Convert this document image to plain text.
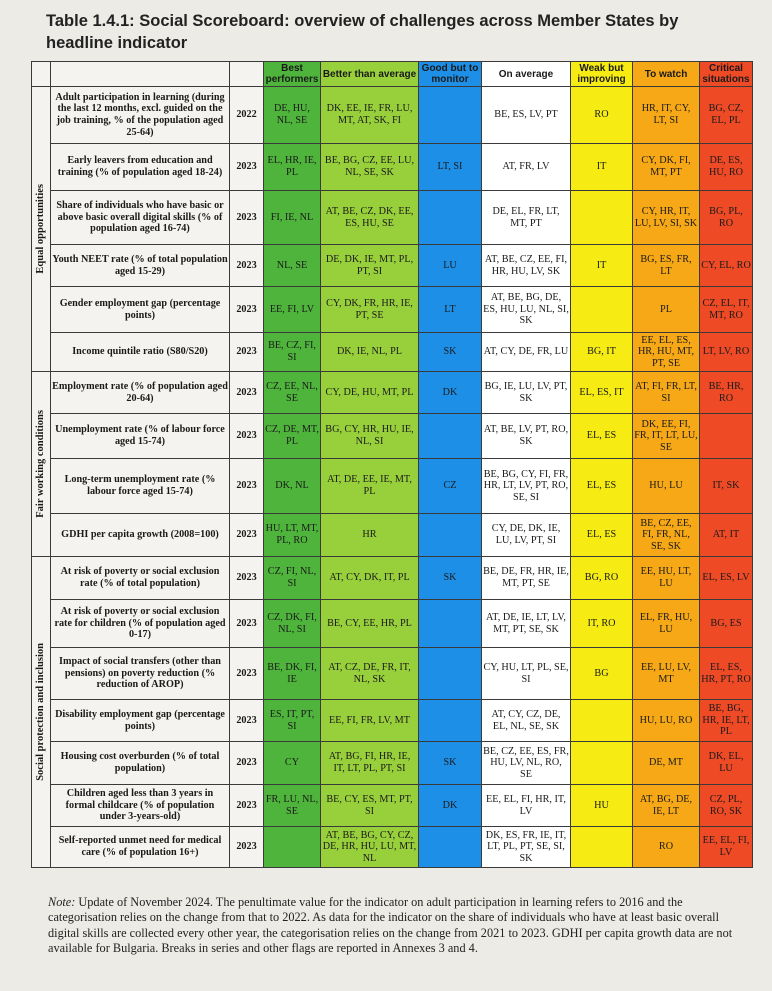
Table 1.4.1: Social Scoreboard: overview of challenges across Member States by headline indicator
			Best performers	Better than average	Good but to monitor	On average	Weak but improving	To watch	Critical situations

Equal opportunities	Adult participation in learning (during the last 12 months, excl. guided on the job training, % of the population aged 25-64)	2022	DE, HU, NL, SE	DK, EE, IE, FR, LU, MT, AT, SK, FI		BE, ES, LV, PT	RO	HR, IT, CY, LT, SI	BG, CZ, EL, PL
	Early leavers from education and training (% of population aged 18-24)	2023	EL, HR, IE, PL	BE, BG, CZ, EE, LU, NL, SE, SK	LT, SI	AT, FR, LV	IT	CY, DK, FI, MT, PT	DE, ES, HU, RO
	Share of individuals who have basic or above basic overall digital skills (% of population aged 16-74)	2023	FI, IE, NL	AT, BE, CZ, DK, EE, ES, HU, SE		DE, EL, FR, LT, MT, PT		CY, HR, IT, LU, LV, SI, SK	BG, PL, RO
	Youth NEET rate (% of total population aged 15-29)	2023	NL, SE	DE, DK, IE, MT, PL, PT, SI	LU	AT, BE, CZ, EE, FI, HR, HU, LV, SK	IT	BG, ES, FR, LT	CY, EL, RO
	Gender employment gap (percentage points)	2023	EE, FI, LV	CY, DK, FR, HR, IE, PT, SE	LT	AT, BE, BG, DE, ES, HU, LU, NL, SI, SK		PL	CZ, EL, IT, MT, RO
	Income quintile ratio (S80/S20)	2023	BE, CZ, FI, SI	DK, IE, NL, PL	SK	AT, CY, DE, FR, LU	BG, IT	EE, EL, ES, HR, HU, MT, PT, SE	LT, LV, RO

Fair working conditions	Employment rate (% of population aged 20-64)	2023	CZ, EE, NL, SE	CY, DE, HU, MT, PL	DK	BG, IE, LU, LV, PT, SK	EL, ES, IT	AT, FI, FR, LT, SI	BE, HR, RO
	Unemployment rate (% of labour force aged 15-74)	2023	CZ, DE, MT, PL	BG, CY, HR, HU, IE, NL, SI		AT, BE, LV, PT, RO, SK	EL, ES	DK, EE, FI, FR, IT, LT, LU, SE	
	Long-term unemployment rate (% labour force aged 15-74)	2023	DK, NL	AT, DE, EE, IE, MT, PL	CZ	BE, BG, CY, FI, FR, HR, LT, LV, PT, RO, SE, SI	EL, ES	HU, LU	IT, SK
	GDHI per capita growth (2008=100)	2023	HU, LT, MT, PL, RO	HR		CY, DE, DK, IE, LU, LV, PT, SI	EL, ES	BE, CZ, EE, FI, FR, NL, SE, SK	AT, IT

Social protection and inclusion	At risk of poverty or social exclusion rate (% of total population)	2023	CZ, FI, NL, SI	AT, CY, DK, IT, PL	SK	BE, DE, FR, HR, IE, MT, PT, SE	BG, RO	EE, HU, LT, LU	EL, ES, LV
	At risk of poverty or social exclusion rate for children (% of population aged 0-17)	2023	CZ, DK, FI, NL, SI	BE, CY, EE, HR, PL		AT, DE, IE, LT, LV, MT, PT, SE, SK	IT, RO	EL, FR, HU, LU	BG, ES
	Impact of social transfers (other than pensions) on poverty reduction (% reduction of AROP)	2023	BE, DK, FI, IE	AT, CZ, DE, FR, IT, NL, SK		CY, HU, LT, PL, SE, SI	BG	EE, LU, LV, MT	EL, ES, HR, PT, RO
	Disability employment gap (percentage points)	2023	ES, IT, PT, SI	EE, FI, FR, LV, MT		AT, CY, CZ, DE, EL, NL, SE, SK		HU, LU, RO	BE, BG, HR, IE, LT, PL
	Housing cost overburden (% of total population)	2023	CY	AT, BG, FI, HR, IE, IT, LT, PL, PT, SI	SK	BE, CZ, EE, ES, FR, HU, LV, NL, RO, SE		DE, MT	DK, EL, LU
	Children aged less than 3 years in formal childcare (% of population under 3-years-old)	2023	FR, LU, NL, SE	BE, CY, ES, MT, PT, SI	DK	EE, EL, FI, HR, IT, LV	HU	AT, BG, DE, IE, LT	CZ, PL, RO, SK
	Self-reported unmet need for medical care (% of population 16+)	2023		AT, BE, BG, CY, CZ, DE, HR, HU, LU, MT, NL		DK, ES, FR, IE, IT, LT, PL, PT, SE, SI, SK		RO	EE, EL, FI, LV
Note: Update of November 2024. The penultimate value for the indicator on adult participation in learning refers to 2016 and the categorisation relies on the change from that to 2022. As data for the indicator on the share of individuals who have at least basic overall digital skills are collected every other year, the categorisation relies on the change from 2021 to 2023. GDHI per capita growth data are not available for Bulgaria. Breaks in series and other flags are reported in Annexes 3 and 4.
